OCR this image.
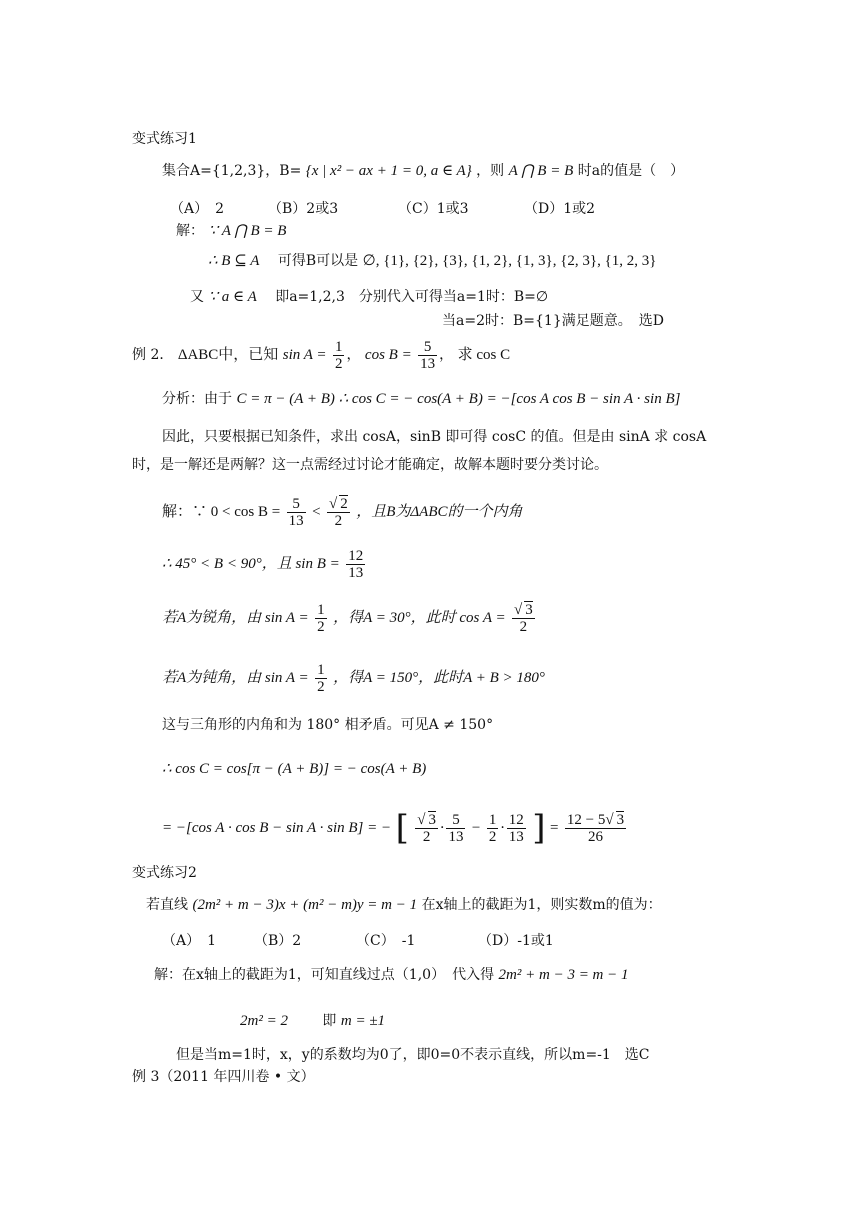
变式练习1
集合A={1,2,3}，B= {x | x² − ax + 1 = 0, a ∈ A} ，则 A ⋂ B = B 时a的值是（　）
（A）　2	（B）2或3	（C）1或3	（D）1或2
解： ∵ A ⋂ B = B
∴ B ⊆ A 可得B可以是 ∅, {1}, {2}, {3}, {1, 2}, {1, 3}, {2, 3}, {1, 2, 3}
又 ∵ a ∈ A 即a=1,2,3　分别代入可得当a=1时：B=∅
当a=2时：B={1}满足题意。　选D
例 2． ΔABC中，已知 $\sin A = \frac{1}{2}$ ， $\cos B = \frac{5}{13}$ ， 求 cos C
分析：由于 C = π − (A + B) ∴ cos C = − cos(A + B) = −[cos A cos B − sin A · sin B]
因此，只要根据已知条件，求出 cosA，sinB 即可得 cosC 的值。但是由 sinA 求 cosA
时，是一解还是两解？这一点需经过讨论才能确定，故解本题时要分类讨论。
解：∵ $0 < \cos B = \frac{5}{13} < \frac{√ 2}{2}$ ，且B为ΔABC的一个内角
∴ 45° < B < 90°，且 $\sin B = \frac{12}{13}$
若A为锐角，由 $\sin A = \frac{1}{2}$ ，得A = 30°，此时 $\cos A = \frac{√ 3}{2}$
若A为钝角，由 $\sin A = \frac{1}{2}$ ，得A = 150°，此时A + B > 180°
这与三角形的内角和为 180° 相矛盾。可见A ≠ 150°
∴ cos C = cos[π − (A + B)] = − cos(A + B)
= −[cos A · cos B − sin A · sin B] = − [ $\frac{√ 3}{2} \cdot \frac{5}{13} - \frac{1}{2} \cdot \frac{12}{13}$ ] = $\frac{12 - 5√ 3}{26}$
变式练习2
若直线 (2m² + m − 3)x + (m² − m)y = m − 1 在x轴上的截距为1，则实数m的值为：
（A）　1	（B）2	（C）　-1	（D）-1或1
解：在x轴上的截距为1，可知直线过点（1,0）　代入得 2m² + m − 3 = m − 1
2m² = 2 即 m = ±1
但是当m=1时，x，y的系数均为0了，即0=0不表示直线，所以m=-1　选C
例 3（2011 年四川卷 • 文）
